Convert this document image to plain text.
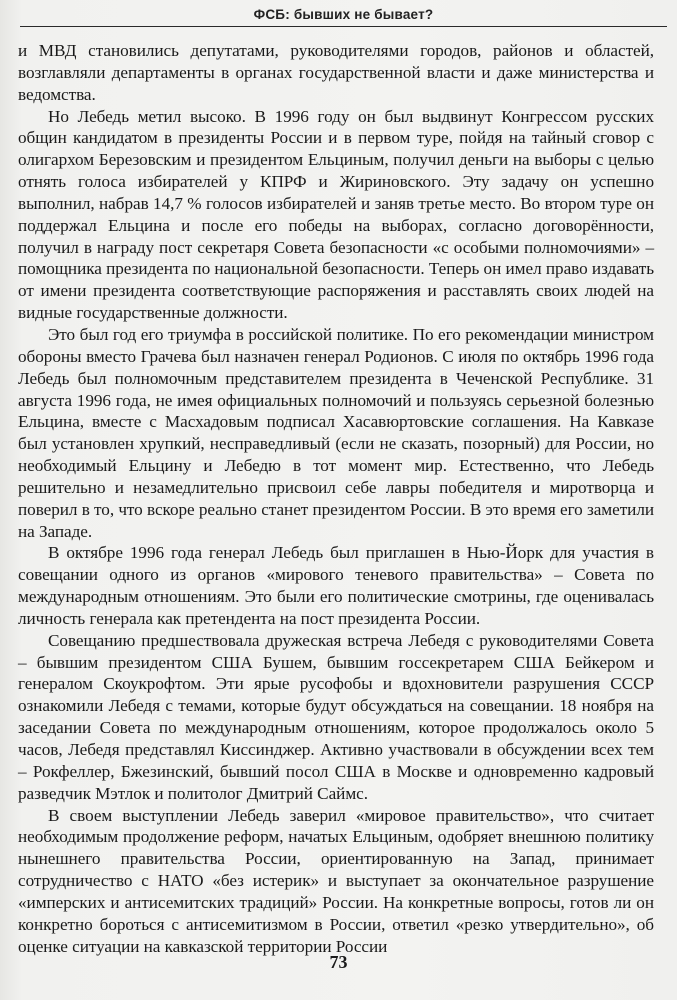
ФСБ: бывших не бывает?

и МВД становились депутатами, руководителями городов, районов и областей, возглавляли департаменты в органах государственной власти и даже министерства и ведомства.

Но Лебедь метил высоко. В 1996 году он был выдвинут Конгрессом русских общин кандидатом в президенты России и в первом туре, пойдя на тайный сговор с олигархом Березовским и президентом Ельциным, получил деньги на выборы с целью отнять голоса избирателей у КПРФ и Жириновского. Эту задачу он успешно выполнил, набрав 14,7 % голосов избирателей и заняв третье место. Во втором туре он поддержал Ельцина и после его победы на выборах, согласно договорённости, получил в награду пост секретаря Совета безопасности «с особыми полномочиями» – помощника президента по национальной безопасности. Теперь он имел право издавать от имени президента соответствующие распоряжения и расставлять своих людей на видные государственные должности.

Это был год его триумфа в российской политике. По его рекомендации министром обороны вместо Грачева был назначен генерал Родионов. С июля по октябрь 1996 года Лебедь был полномочным представителем президента в Чеченской Республике. 31 августа 1996 года, не имея официальных полномочий и пользуясь серьезной болезнью Ельцина, вместе с Масхадовым подписал Хасавюртовские соглашения. На Кавказе был установлен хрупкий, несправедливый (если не сказать, позорный) для России, но необходимый Ельцину и Лебедю в тот момент мир. Естественно, что Лебедь решительно и незамедлительно присвоил себе лавры победителя и миротворца и поверил в то, что вскоре реально станет президентом России. В это время его заметили на Западе.

В октябре 1996 года генерал Лебедь был приглашен в Нью-Йорк для участия в совещании одного из органов «мирового теневого правительства» – Совета по международным отношениям. Это были его политические смотрины, где оценивалась личность генерала как претендента на пост президента России.

Совещанию предшествовала дружеская встреча Лебедя с руководителями Совета – бывшим президентом США Бушем, бывшим госсекретарем США Бейкером и генералом Скоукрофтом. Эти ярые русофобы и вдохновители разрушения СССР ознакомили Лебедя с темами, которые будут обсуждаться на совещании. 18 ноября на заседании Совета по международным отношениям, которое продолжалось около 5 часов, Лебедя представлял Киссинджер. Активно участвовали в обсуждении всех тем – Рокфеллер, Бжезинский, бывший посол США в Москве и одновременно кадровый разведчик Мэтлок и политолог Дмитрий Саймс.

В своем выступлении Лебедь заверил «мировое правительство», что считает необходимым продолжение реформ, начатых Ельциным, одобряет внешнюю политику нынешнего правительства России, ориентированную на Запад, принимает сотрудничество с НАТО «без истерик» и выступает за окончательное разрушение «имперских и антисемитских традиций» России. На конкретные вопросы, готов ли он конкретно бороться с антисемитизмом в России, ответил «резко утвердительно», об оценке ситуации на кавказской территории России

73
